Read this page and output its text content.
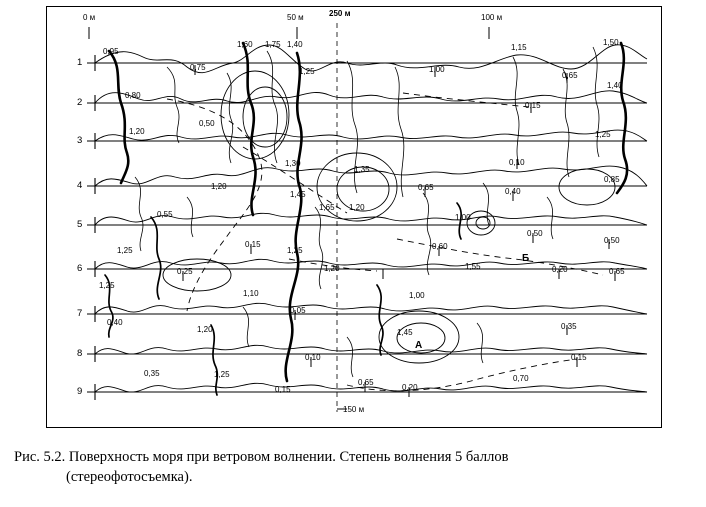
0 м	50 м	250 м	100 м
150 м
1
2
3
4
5
6
7
8
9
Б
А
0,95
1,60 1,75 1,40	1,15
1,50
0,75	1,25	1,00
0,65
1,40
0,80
0,15
0,50
1,20	1,25
1,30
1,35
0,10
0,85
1,20
1,45
0,65	0,40
1,65 1,20
0,55	1,00
0,50
0,50
0,60
1,25
0,15
1,25
1,20
0,25
1,55	0,20	0,65
1,25
1,10
0,05
1,00
0,40
1,20	1,45
0,35
0,10	0,15
0,35	1,25	0,70
0,15
0,65
0,20
Рис. 5.2. Поверхность моря при ветровом волнении. Степень волнения 5 баллов
(стереофотосъемка).
